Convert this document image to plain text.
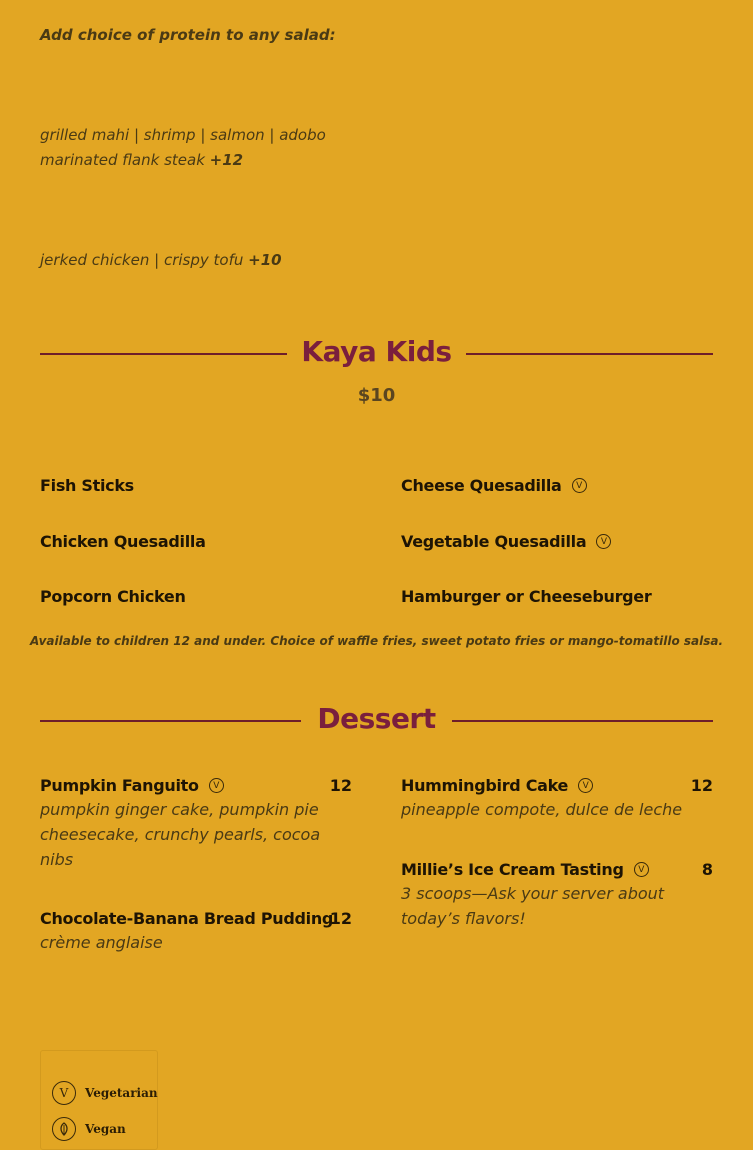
Add choice of protein to any salad:
grilled mahi | shrimp | salmon | adobo marinated flank steak +12
jerked chicken | crispy tofu +10
Kaya Kids
$10
Fish Sticks	Cheese Quesadilla	V
Chicken Quesadilla	Vegetable Quesadilla	V
Popcorn Chicken	Hamburger or Cheeseburger
Available to children 12 and under. Choice of waffle fries, sweet potato fries or mango-tomatillo salsa.
Dessert
Pumpkin Fanguito	V	12
pumpkin ginger cake, pumpkin pie cheesecake, crunchy pearls, cocoa nibs
Chocolate-Banana Bread Pudding
12
crème anglaise
Hummingbird Cake	V	12
pineapple compote, dulce de leche
Millie’s Ice Cream Tasting	V	8
3 scoops—Ask your server about today’s flavors!
V	Vegetarian
Vegan
